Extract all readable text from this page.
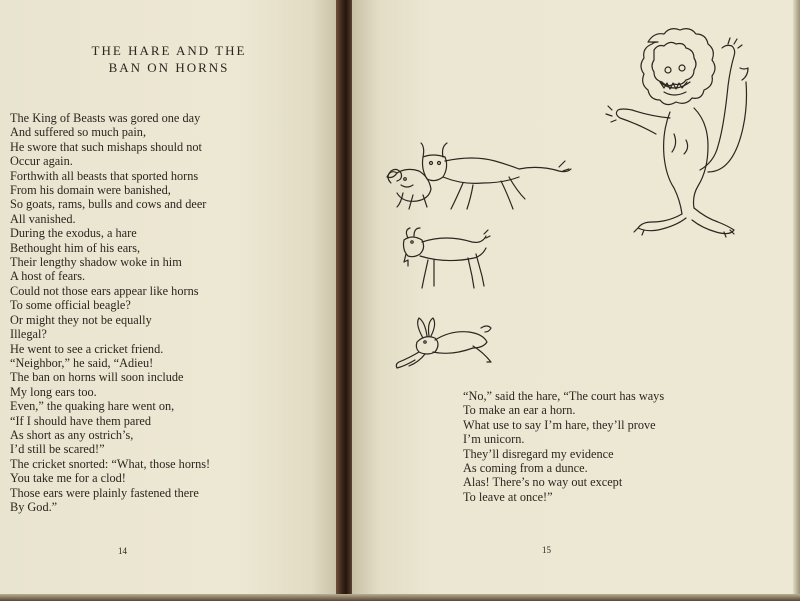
THE HARE AND THE
BAN ON HORNS
The King of Beasts was gored one day
And suffered so much pain,
He swore that such mishaps should not
Occur again.
Forthwith all beasts that sported horns
From his domain were banished,
So goats, rams, bulls and cows and deer
All vanished.
During the exodus, a hare
Bethought him of his ears,
Their lengthy shadow woke in him
A host of fears.
Could not those ears appear like horns
To some official beagle?
Or might they not be equally
Illegal?
He went to see a cricket friend.
“Neighbor,” he said, “Adieu!
The ban on horns will soon include
My long ears too.
Even,” the quaking hare went on,
“If I should have them pared
As short as any ostrich’s,
I’d still be scared!”
The cricket snorted: “What, those horns!
You take me for a clod!
Those ears were plainly fastened there
By God.”
14
“No,” said the hare, “The court has ways
To make an ear a horn.
What use to say I’m hare, they’ll prove
I’m unicorn.
They’ll disregard my evidence
As coming from a dunce.
Alas! There’s no way out except
To leave at once!”
15
